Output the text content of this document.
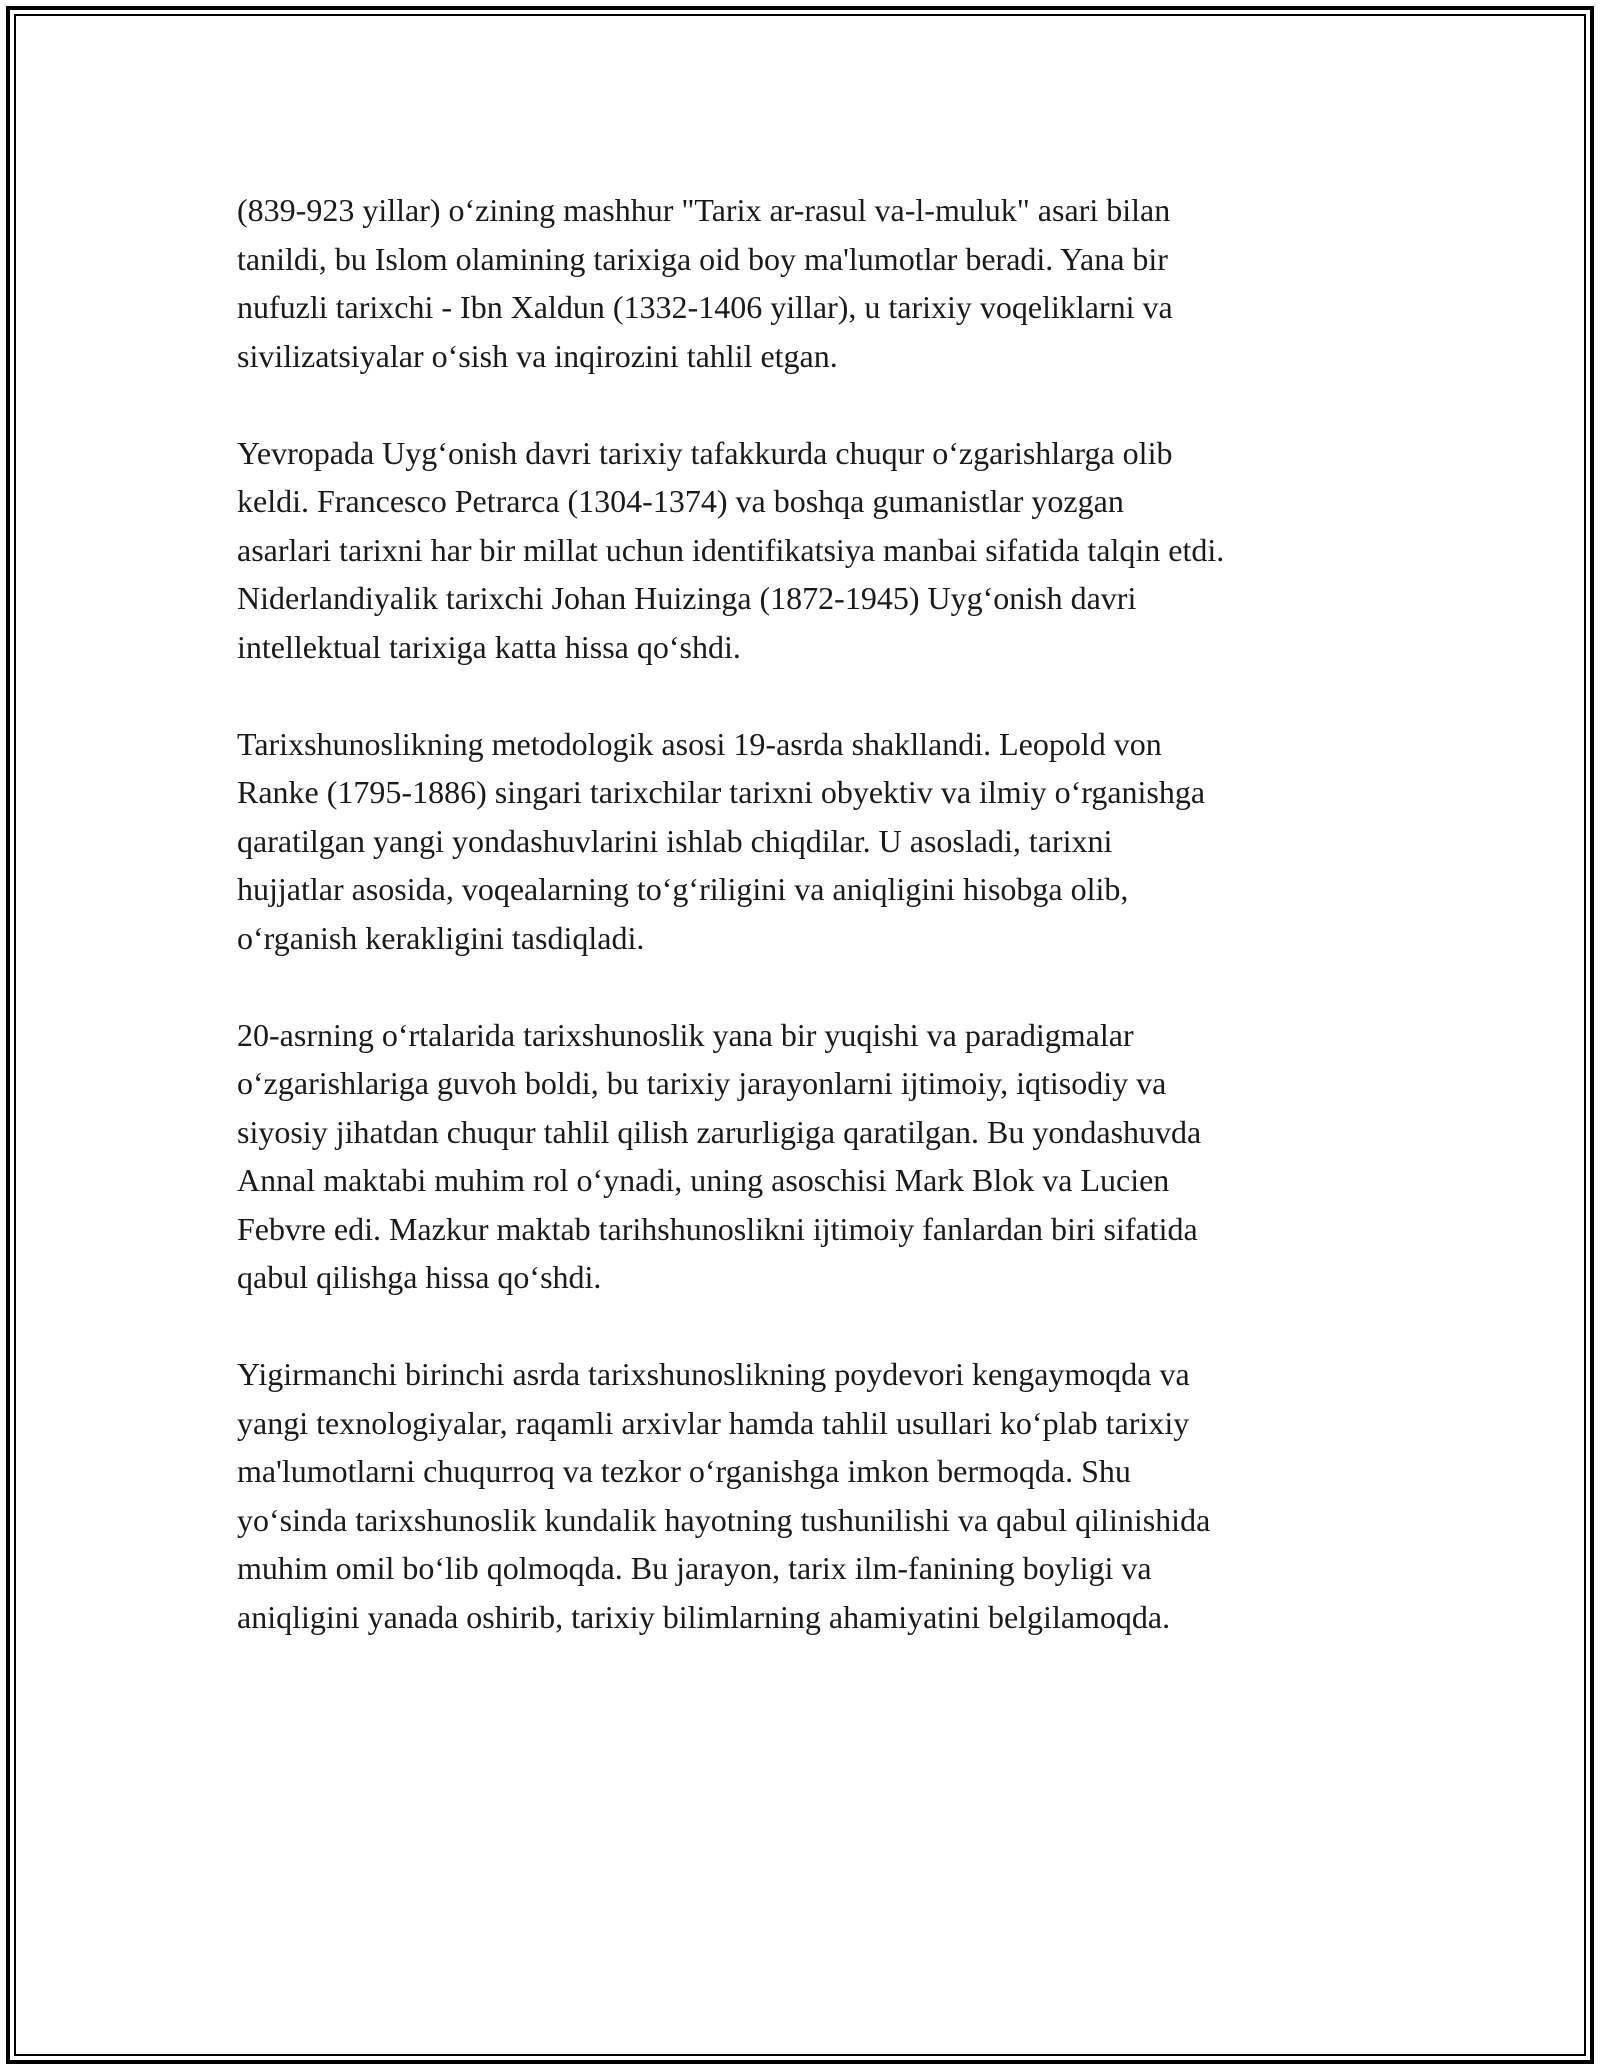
(839-923 yillar) o‘zining mashhur "Tarix ar-rasul va-l-muluk" asari bilan
tanildi, bu Islom olamining tarixiga oid boy ma'lumotlar beradi. Yana bir
nufuzli tarixchi - Ibn Xaldun (1332-1406 yillar), u tarixiy voqeliklarni va
sivilizatsiyalar o‘sish va inqirozini tahlil etgan.

Yevropada Uyg‘onish davri tarixiy tafakkurda chuqur o‘zgarishlarga olib
keldi. Francesco Petrarca (1304-1374) va boshqa gumanistlar yozgan
asarlari tarixni har bir millat uchun identifikatsiya manbai sifatida talqin etdi.
Niderlandiyalik tarixchi Johan Huizinga (1872-1945) Uyg‘onish davri
intellektual tarixiga katta hissa qo‘shdi.

Tarixshunoslikning metodologik asosi 19-asrda shakllandi. Leopold von
Ranke (1795-1886) singari tarixchilar tarixni obyektiv va ilmiy o‘rganishga
qaratilgan yangi yondashuvlarini ishlab chiqdilar. U asosladi, tarixni
hujjatlar asosida, voqealarning to‘g‘riligini va aniqligini hisobga olib,
o‘rganish kerakligini tasdiqladi.

20-asrning o‘rtalarida tarixshunoslik yana bir yuqishi va paradigmalar
o‘zgarishlariga guvoh boldi, bu tarixiy jarayonlarni ijtimoiy, iqtisodiy va
siyosiy jihatdan chuqur tahlil qilish zarurligiga qaratilgan. Bu yondashuvda
Annal maktabi muhim rol o‘ynadi, uning asoschisi Mark Blok va Lucien
Febvre edi. Mazkur maktab tarihshunoslikni ijtimoiy fanlardan biri sifatida
qabul qilishga hissa qo‘shdi.

Yigirmanchi birinchi asrda tarixshunoslikning poydevori kengaymoqda va
yangi texnologiyalar, raqamli arxivlar hamda tahlil usullari ko‘plab tarixiy
ma'lumotlarni chuqurroq va tezkor o‘rganishga imkon bermoqda. Shu
yo‘sinda tarixshunoslik kundalik hayotning tushunilishi va qabul qilinishida
muhim omil bo‘lib qolmoqda. Bu jarayon, tarix ilm-fanining boyligi va
aniqligini yanada oshirib, tarixiy bilimlarning ahamiyatini belgilamoqda.
